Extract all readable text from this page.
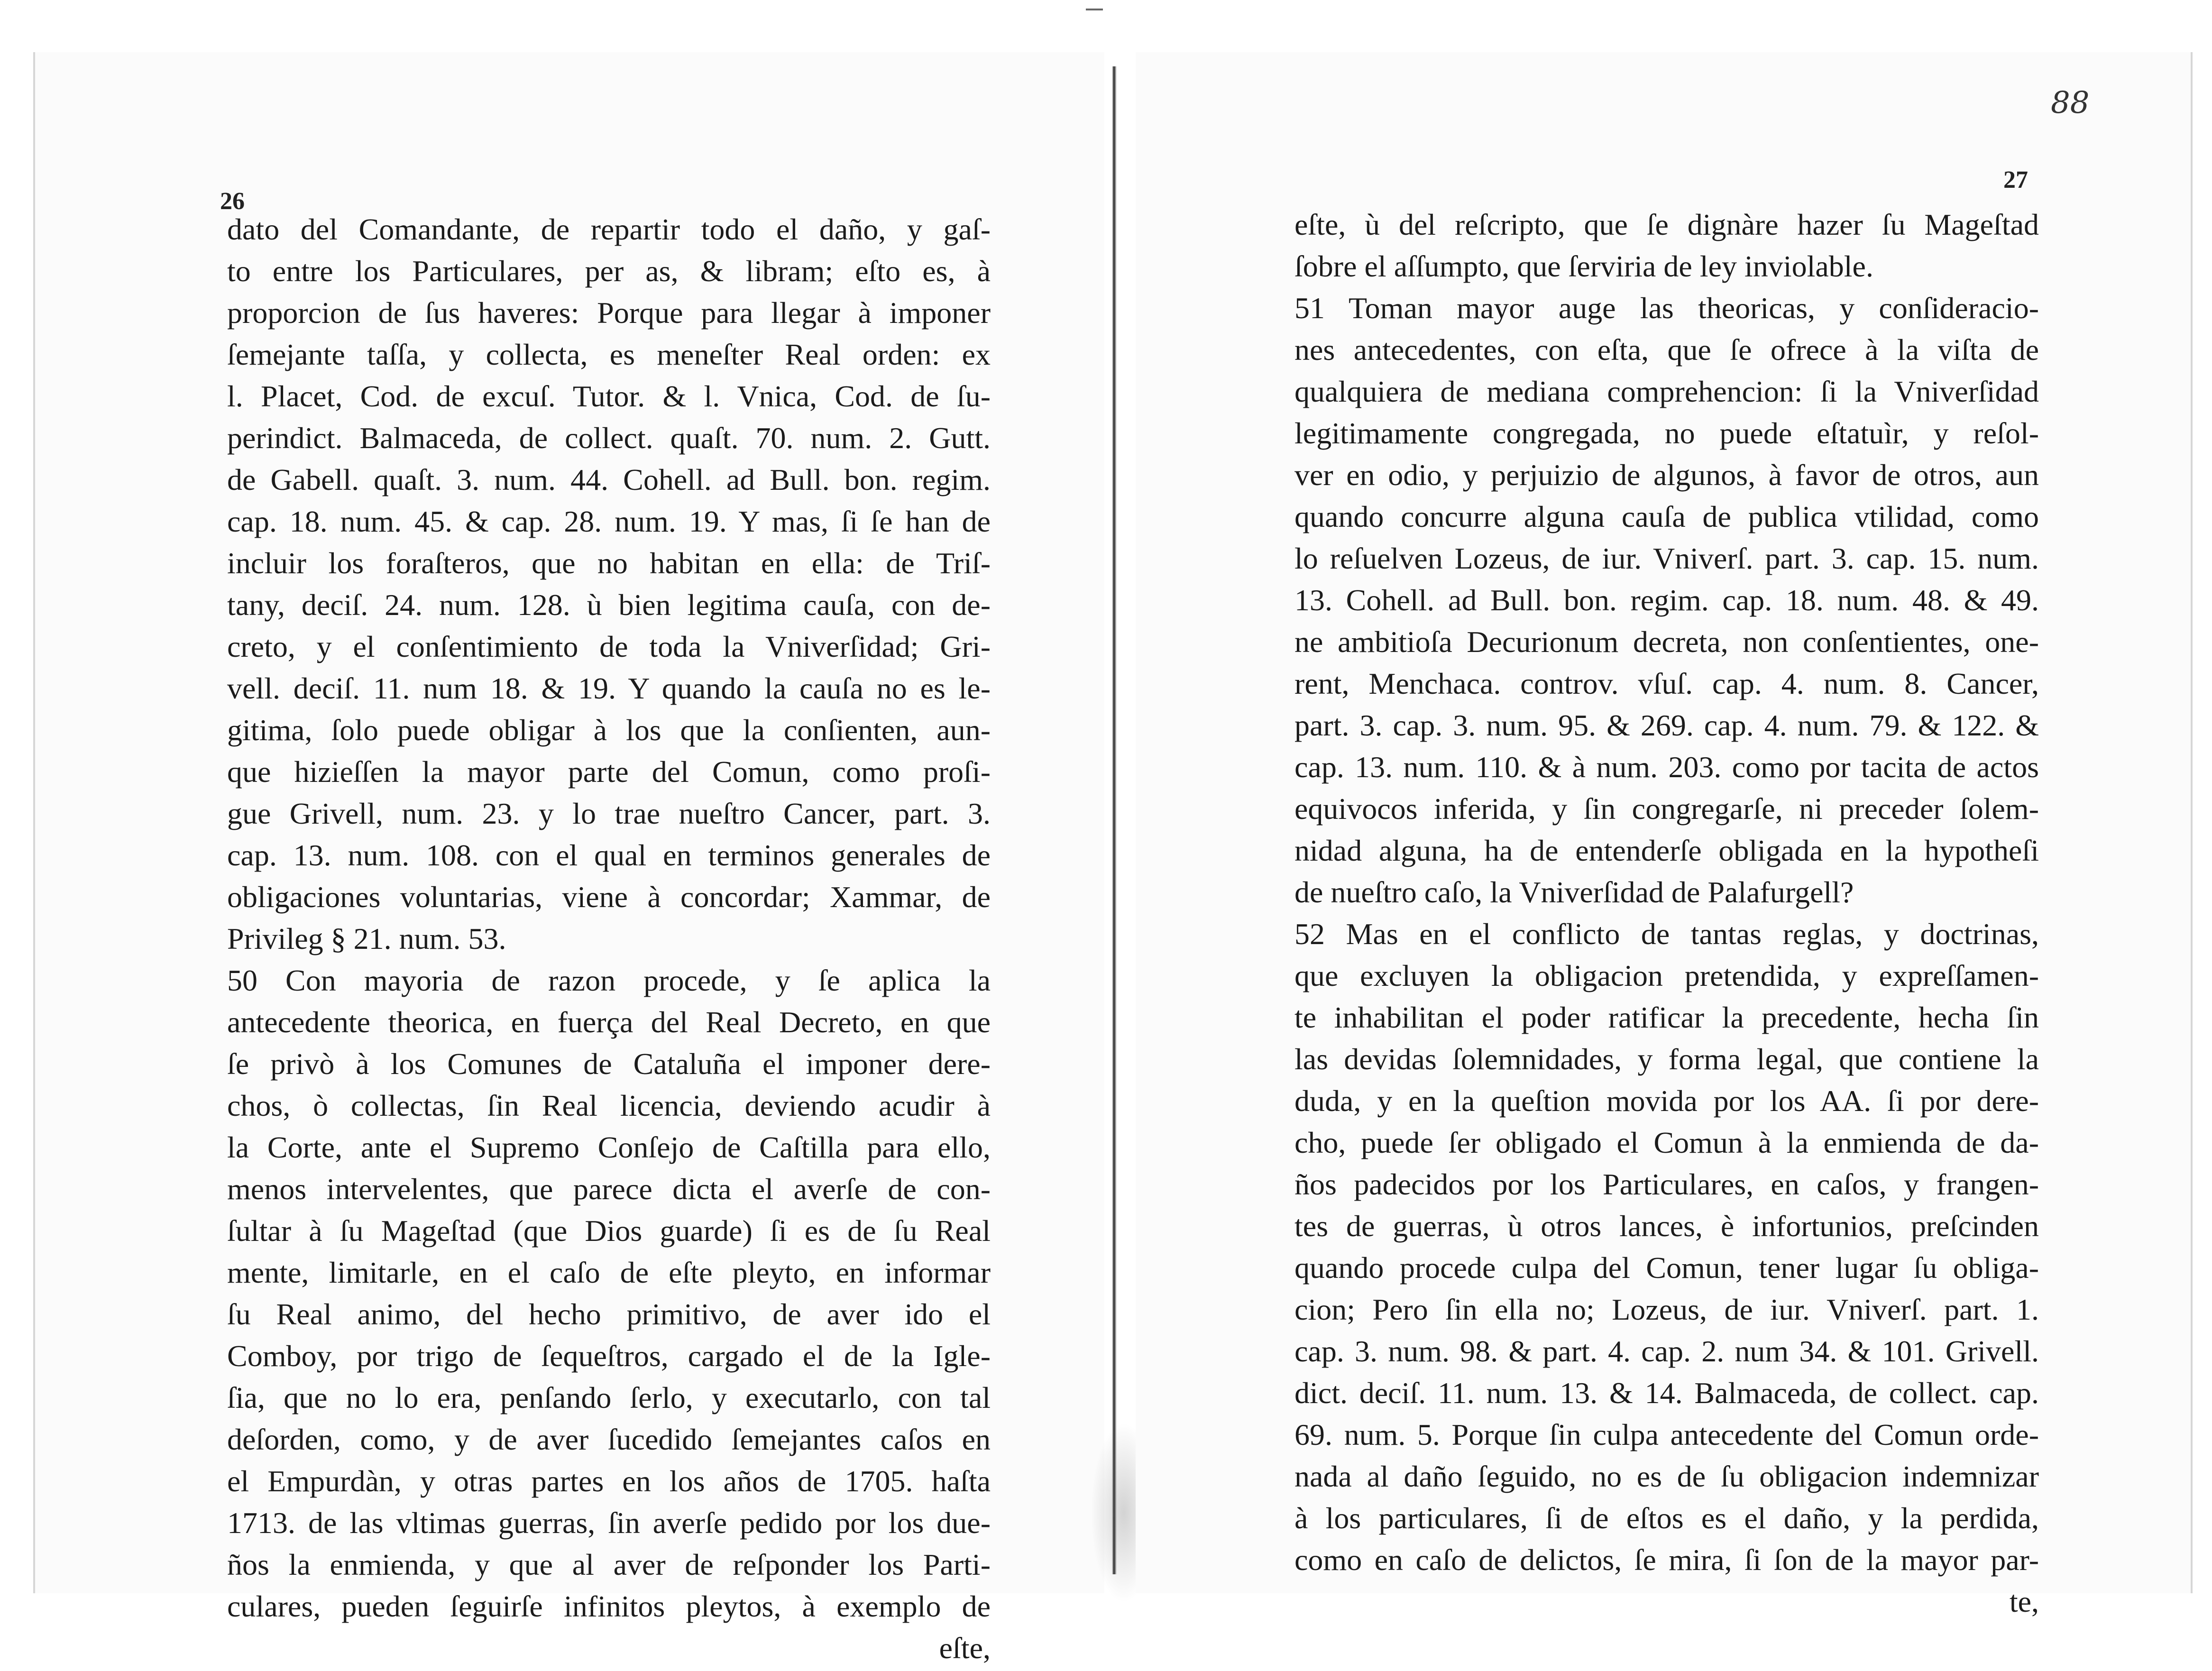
26
dato del Comandante, de repartir todo el daño, y gaſ-
to entre los Particulares, per as, & libram; eſto es, à
proporcion de ſus haveres: Porque para llegar à imponer
ſemejante taſſa, y collecta, es meneſter Real orden: ex
l. Placet, Cod. de excuſ. Tutor. & l. Vnica, Cod. de ſu-
perindict. Balmaceda, de collect. quaſt. 70. num. 2. Gutt.
de Gabell. quaſt. 3. num. 44. Cohell. ad Bull. bon. regim.
cap. 18. num. 45. & cap. 28. num. 19. Y mas, ſi ſe han de
incluir los foraſteros, que no habitan en ella: de Triſ-
tany, deciſ. 24. num. 128. ù bien legitima cauſa, con de-
creto, y el conſentimiento de toda la Vniverſidad; Gri-
vell. deciſ. 11. num 18. & 19. Y quando la cauſa no es le-
gitima, ſolo puede obligar à los que la conſienten, aun-
que hizieſſen la mayor parte del Comun, como proſi-
gue Grivell, num. 23. y lo trae nueſtro Cancer, part. 3.
cap. 13. num. 108. con el qual en terminos generales de
obligaciones voluntarias, viene à concordar; Xammar, de
Privileg § 21. num. 53.
50 Con mayoria de razon procede, y ſe aplica la
antecedente theorica, en fuerça del Real Decreto, en que
ſe privò à los Comunes de Cataluña el imponer dere-
chos, ò collectas, ſin Real licencia, deviendo acudir à
la Corte, ante el Supremo Conſejo de Caſtilla para ello,
menos intervelentes, que parece dicta el averſe de con-
ſultar à ſu Mageſtad (que Dios guarde) ſi es de ſu Real
mente, limitarle, en el caſo de eſte pleyto, en informar
ſu Real animo, del hecho primitivo, de aver ido el
Comboy, por trigo de ſequeſtros, cargado el de la Igle-
ſia, que no lo era, penſando ſerlo, y executarlo, con tal
deſorden, como, y de aver ſucedido ſemejantes caſos en
el Empurdàn, y otras partes en los años de 1705. haſta
1713. de las vltimas guerras, ſin averſe pedido por los due-
ños la enmienda, y que al aver de reſponder los Parti-
culares, pueden ſeguirſe infinitos pleytos, à exemplo de
eſte,
88
27
eſte, ù del reſcripto, que ſe dignàre hazer ſu Mageſtad
ſobre el aſſumpto, que ſerviria de ley inviolable.
51 Toman mayor auge las theoricas, y conſideracio-
nes antecedentes, con eſta, que ſe ofrece à la viſta de
qualquiera de mediana comprehencion: ſi la Vniverſidad
legitimamente congregada, no puede eſtatuìr, y reſol-
ver en odio, y perjuizio de algunos, à favor de otros, aun
quando concurre alguna cauſa de publica vtilidad, como
lo reſuelven Lozeus, de iur. Vniverſ. part. 3. cap. 15. num.
13. Cohell. ad Bull. bon. regim. cap. 18. num. 48. & 49.
ne ambitioſa Decurionum decreta, non conſentientes, one-
rent, Menchaca. controv. vſuſ. cap. 4. num. 8. Cancer,
part. 3. cap. 3. num. 95. & 269. cap. 4. num. 79. & 122. &
cap. 13. num. 110. & à num. 203. como por tacita de actos
equivocos inferida, y ſin congregarſe, ni preceder ſolem-
nidad alguna, ha de entenderſe obligada en la hypotheſi
de nueſtro caſo, la Vniverſidad de Palafurgell?
52 Mas en el conflicto de tantas reglas, y doctrinas,
que excluyen la obligacion pretendida, y expreſſamen-
te inhabilitan el poder ratificar la precedente, hecha ſin
las devidas ſolemnidades, y forma legal, que contiene la
duda, y en la queſtion movida por los AA. ſi por dere-
cho, puede ſer obligado el Comun à la enmienda de da-
ños padecidos por los Particulares, en caſos, y frangen-
tes de guerras, ù otros lances, è infortunios, preſcinden
quando procede culpa del Comun, tener lugar ſu obliga-
cion; Pero ſin ella no; Lozeus, de iur. Vniverſ. part. 1.
cap. 3. num. 98. & part. 4. cap. 2. num 34. & 101. Grivell.
dict. deciſ. 11. num. 13. & 14. Balmaceda, de collect. cap.
69. num. 5. Porque ſin culpa antecedente del Comun orde-
nada al daño ſeguido, no es de ſu obligacion indemnizar
à los particulares, ſi de eſtos es el daño, y la perdida,
como en caſo de delictos, ſe mira, ſi ſon de la mayor par-
te,
